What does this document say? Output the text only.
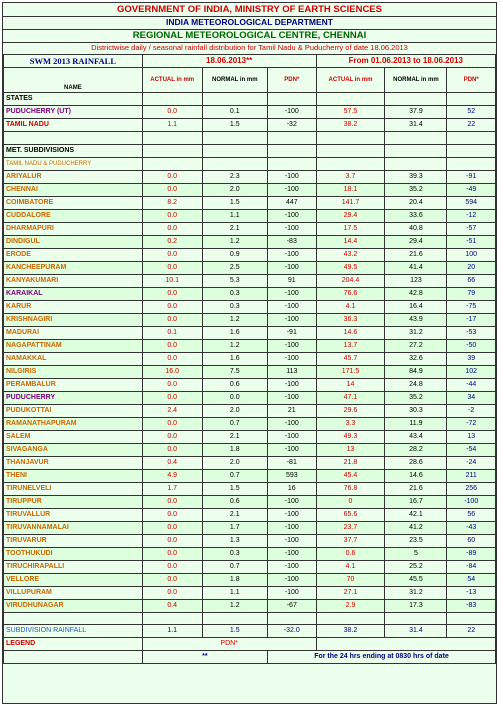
GOVERNMENT OF INDIA, MINISTRY OF EARTH SCIENCES
INDIA METEOROLOGICAL DEPARTMENT
REGIONAL METEOROLOGICAL CENTRE, CHENNAI
Districtwise daily / seasonal rainfall distribution for Tamil Nadu & Puducherry of date 18.06.2013
SWM 2013 RAINFALL	18.06.2013**			From 01.06.2013 to 18.06.2013		
NAME	ACTUAL in mm	NORMAL in mm	PDN*	ACTUAL in mm	NORMAL in mm	PDN*
STATES						
PUDUCHERRY (UT)	0.0	0.1	-100	57.5	37.9	52
TAMIL NADU	1.1	1.5	-32	38.2	31.4	22

MET. SUBDIVISIONS						
TAMIL NADU & PUDUCHERRY						
ARIYALUR	0.0	2.3	-100	3.7	39.3	-91
CHENNAI	0.0	2.0	-100	18.1	35.2	-49
COIMBATORE	8.2	1.5	447	141.7	20.4	594
CUDDALORE	0.0	1.1	-100	29.4	33.6	-12
DHARMAPURI	0.0	2.1	-100	17.5	40.8	-57
DINDIGUL	0.2	1.2	-83	14.4	29.4	-51
ERODE	0.0	0.9	-100	43.2	21.6	100
KANCHEEPURAM	0.0	2.5	-100	49.5	41.4	20
KANYAKUMARI	10.1	5.3	91	204.4	123	66
KARAIKAL	0.0	0.3	-100	76.6	42.8	79
KARUR	0.0	0.3	-100	4.1	16.4	-75
KRISHNAGIRI	0.0	1.2	-100	36.3	43.9	-17
MADURAI	0.1	1.6	-91	14.6	31.2	-53
NAGAPATTINAM	0.0	1.2	-100	13.7	27.2	-50
NAMAKKAL	0.0	1.6	-100	45.7	32.6	39
NILGIRIS	16.0	7.5	113	171.5	84.9	102
PERAMBALUR	0.0	0.6	-100	14	24.8	-44
PUDUCHERRY	0.0	0.0	-100	47.1	35.2	34
PUDUKOTTAI	2.4	2.0	21	29.6	30.3	-2
RAMANATHAPURAM	0.0	0.7	-100	3.3	11.9	-72
SALEM	0.0	2.1	-100	49.3	43.4	13
SIVAGANGA	0.0	1.8	-100	13	28.2	-54
THANJAVUR	0.4	2.0	-81	21.8	28.6	-24
THENI	4.9	0.7	593	45.4	14.6	211
TIRUNELVELI	1.7	1.5	16	76.8	21.6	256
TIRUPPUR	0.0	0.6	-100	0	16.7	-100
TIRUVALLUR	0.0	2.1	-100	65.6	42.1	56
TIRUVANNAMALAI	0.0	1.7	-100	23.7	41.2	-43
TIRUVARUR	0.0	1.3	-100	37.7	23.5	60
TOOTHUKUDI	0.0	0.3	-100	0.6	5	-89
TIRUCHIRAPALLI	0.0	0.7	-100	4.1	25.2	-84
VELLORE	0.0	1.8	-100	70	45.5	54
VILLUPURAM	0.0	1.1	-100	27.1	31.2	-13
VIRUDHUNAGAR	0.4	1.2	-67	2.9	17.3	-83

SUBDIVISION RAINFALL	1.1	1.5	-32.0	38.2	31.4	22
LEGEND	PDN*					
	**		For the 24 hrs ending at 0830 hrs of date			
